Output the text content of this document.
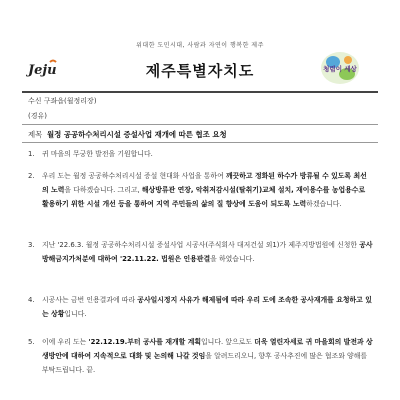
위대한 도민시대, 사람과 자연이 행복한 제주
Jeju	제주특별자치도	청렴이 세상
수신 구좌읍(월정리장)
(경유)
제목 월정 공공하수처리시설 증설사업 재개에 따른 협조 요청
1. 귀 마을의 무궁한 발전을 기원합니다.
2. 우리 도는 월정 공공하수처리시설 증설 현대화 사업을 통하여 깨끗하고 정화된 하수가 방류될 수 있도록 최선의 노력을 다하겠습니다. 그리고, 해상방류관 연장, 악취저감시설(탈취기)교체 설치, 재이용수를 농업용수로 활용하기 위한 시설 개선 등을 통하여 지역 주민들의 삶의 질 향상에 도움이 되도록 노력하겠습니다.
3. 지난 '22.6.3. 월정 공공하수처리시설 증설사업 시공사(주식회사 대저건설 외1)가 제주지방법원에 신청한 공사방해금지가처분에 대하여 '22.11.22. 법원은 인용판결을 하였습니다.
4. 시공사는 금번 인용결과에 따라 공사일시정지 사유가 해제됨에 따라 우리 도에 조속한 공사재개를 요청하고 있는 상황입니다.
5. 이에 우리 도는 '22.12.19.부터 공사를 재개할 계획입니다. 앞으로도 더욱 열린자세로 귀 마을회의 발전과 상생방안에 대하여 지속적으로 대화 및 논의해 나갈 것임을 알려드리오니, 향후 공사추진에 많은 협조와 양해를 부탁드립니다. 끝.
